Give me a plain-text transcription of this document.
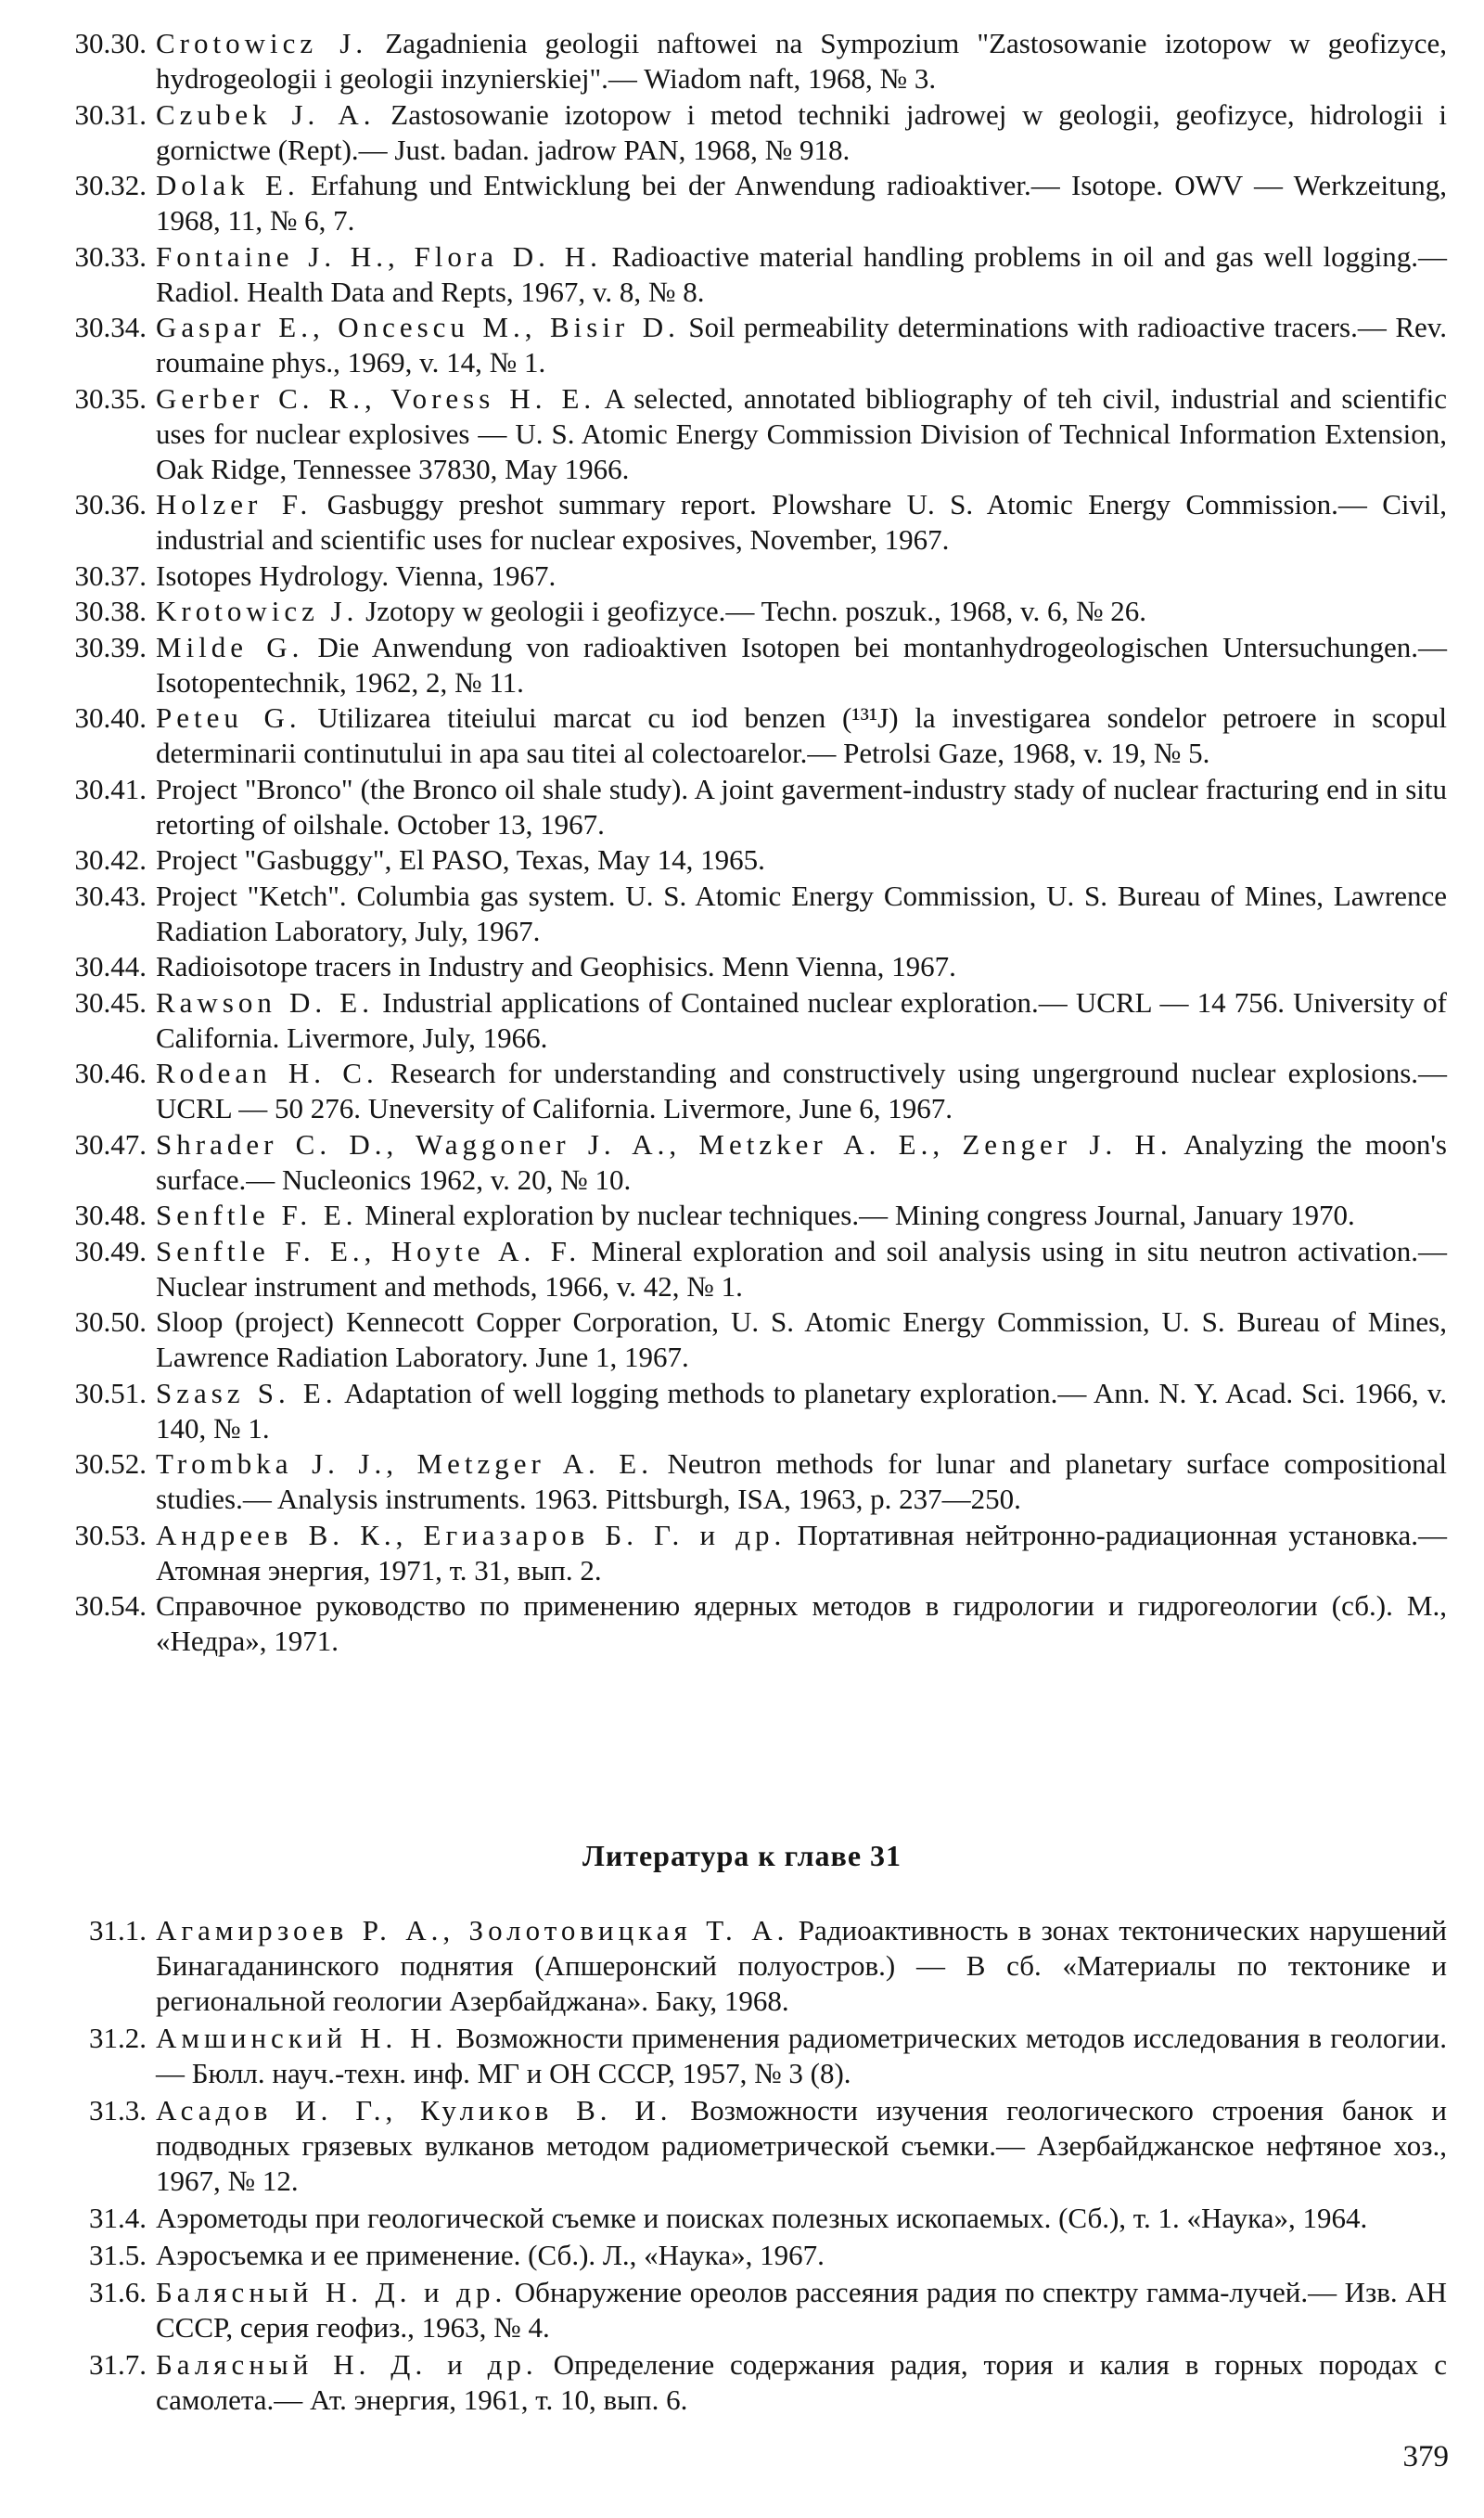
30.30. Crotowicz J. Zagadnienia geologii naftowei na Sympozium "Zastosowanie izotopow w geofizyce, hydrogeologii i geologii inzynierskiej".— Wiadom naft, 1968, № 3.
30.31. Czubek J. A. Zastosowanie izotopow i metod techniki jadrowej w geologii, geofizyce, hidrologii i gornictwe (Rept).— Just. badan. jadrow PAN, 1968, № 918.
30.32. Dolak E. Erfahung und Entwicklung bei der Anwendung radioaktiver.— Isotope. OWV — Werkzeitung, 1968, 11, № 6, 7.
30.33. Fontaine J. H., Flora D. H. Radioactive material handling problems in oil and gas well logging.— Radiol. Health Data and Repts, 1967, v. 8, № 8.
30.34. Gaspar E., Oncescu M., Bisir D. Soil permeability determinations with radioactive tracers.— Rev. roumaine phys., 1969, v. 14, № 1.
30.35. Gerber C. R., Voress H. E. A selected, annotated bibliography of teh civil, industrial and scientific uses for nuclear explosives — U. S. Atomic Energy Commission Division of Technical Information Extension, Oak Ridge, Tennessee 37830, May 1966.
30.36. Holzer F. Gasbuggy preshot summary report. Plowshare U. S. Atomic Energy Commission.— Civil, industrial and scientific uses for nuclear exposives, November, 1967.
30.37. Isotopes Hydrology. Vienna, 1967.
30.38. Krotowicz J. Jzotopy w geologii i geofizyce.— Techn. poszuk., 1968, v. 6, № 26.
30.39. Milde G. Die Anwendung von radioaktiven Isotopen bei montanhydrogeologischen Untersuchungen.— Isotopentechnik, 1962, 2, № 11.
30.40. Peteu G. Utilizarea titeiului marcat cu iod benzen (¹³¹J) la investigarea sondelor petroere in scopul determinarii continutului in apa sau titei al colectoarelor.— Petrolsi Gaze, 1968, v. 19, № 5.
30.41. Project "Bronco" (the Bronco oil shale study). A joint gaverment-industry stady of nuclear fracturing end in situ retorting of oilshale. October 13, 1967.
30.42. Project "Gasbuggy", El PASO, Texas, May 14, 1965.
30.43. Project "Ketch". Columbia gas system. U. S. Atomic Energy Commission, U. S. Bureau of Mines, Lawrence Radiation Laboratory, July, 1967.
30.44. Radioisotope tracers in Industry and Geophisics. Menn Vienna, 1967.
30.45. Rawson D. E. Industrial applications of Contained nuclear exploration.— UCRL — 14 756. University of California. Livermore, July, 1966.
30.46. Rodean H. C. Research for understanding and constructively using ungerground nuclear explosions.— UCRL — 50 276. Uneversity of California. Livermore, June 6, 1967.
30.47. Shrader C. D., Waggoner J. A., Metzker A. E., Zenger J. H. Analyzing the moon's surface.— Nucleonics 1962, v. 20, № 10.
30.48. Senftle F. E. Mineral exploration by nuclear techniques.— Mining congress Journal, January 1970.
30.49. Senftle F. E., Hoyte A. F. Mineral exploration and soil analysis using in situ neutron activation.— Nuclear instrument and methods, 1966, v. 42, № 1.
30.50. Sloop (project) Kennecott Copper Corporation, U. S. Atomic Energy Commission, U. S. Bureau of Mines, Lawrence Radiation Laboratory. June 1, 1967.
30.51. Szasz S. E. Adaptation of well logging methods to planetary exploration.— Ann. N. Y. Acad. Sci. 1966, v. 140, № 1.
30.52. Trombka J. J., Metzger A. E. Neutron methods for lunar and planetary surface compositional studies.— Analysis instruments. 1963. Pittsburgh, ISA, 1963, p. 237—250.
30.53. Андреев В. К., Егиазаров Б. Г. и др. Портативная нейтронно-радиационная установка.— Атомная энергия, 1971, т. 31, вып. 2.
30.54. Справочное руководство по применению ядерных методов в гидрологии и гидрогеологии (сб.). М., «Недра», 1971.
Литература к главе 31
31.1. Агамирзоев Р. А., Золотовицкая Т. А. Радиоактивность в зонах тектонических нарушений Бинагаданинского поднятия (Апшеронский полуостров.) — В сб. «Материалы по тектонике и региональной геологии Азербайджана». Баку, 1968.
31.2. Амшинский Н. Н. Возможности применения радиометрических методов исследования в геологии.— Бюлл. науч.-техн. инф. МГ и ОН СССР, 1957, № 3 (8).
31.3. Асадов И. Г., Куликов В. И. Возможности изучения геологического строения банок и подводных грязевых вулканов методом радиометрической съемки.— Азербайджанское нефтяное хоз., 1967, № 12.
31.4. Аэрометоды при геологической съемке и поисках полезных ископаемых. (Сб.), т. 1. «Наука», 1964.
31.5. Аэросъемка и ее применение. (Сб.). Л., «Наука», 1967.
31.6. Балясный Н. Д. и др. Обнаружение ореолов рассеяния радия по спектру гамма-лучей.— Изв. АН СССР, серия геофиз., 1963, № 4.
31.7. Балясный Н. Д. и др. Определение содержания радия, тория и калия в горных породах с самолета.— Ат. энергия, 1961, т. 10, вып. 6.
379
